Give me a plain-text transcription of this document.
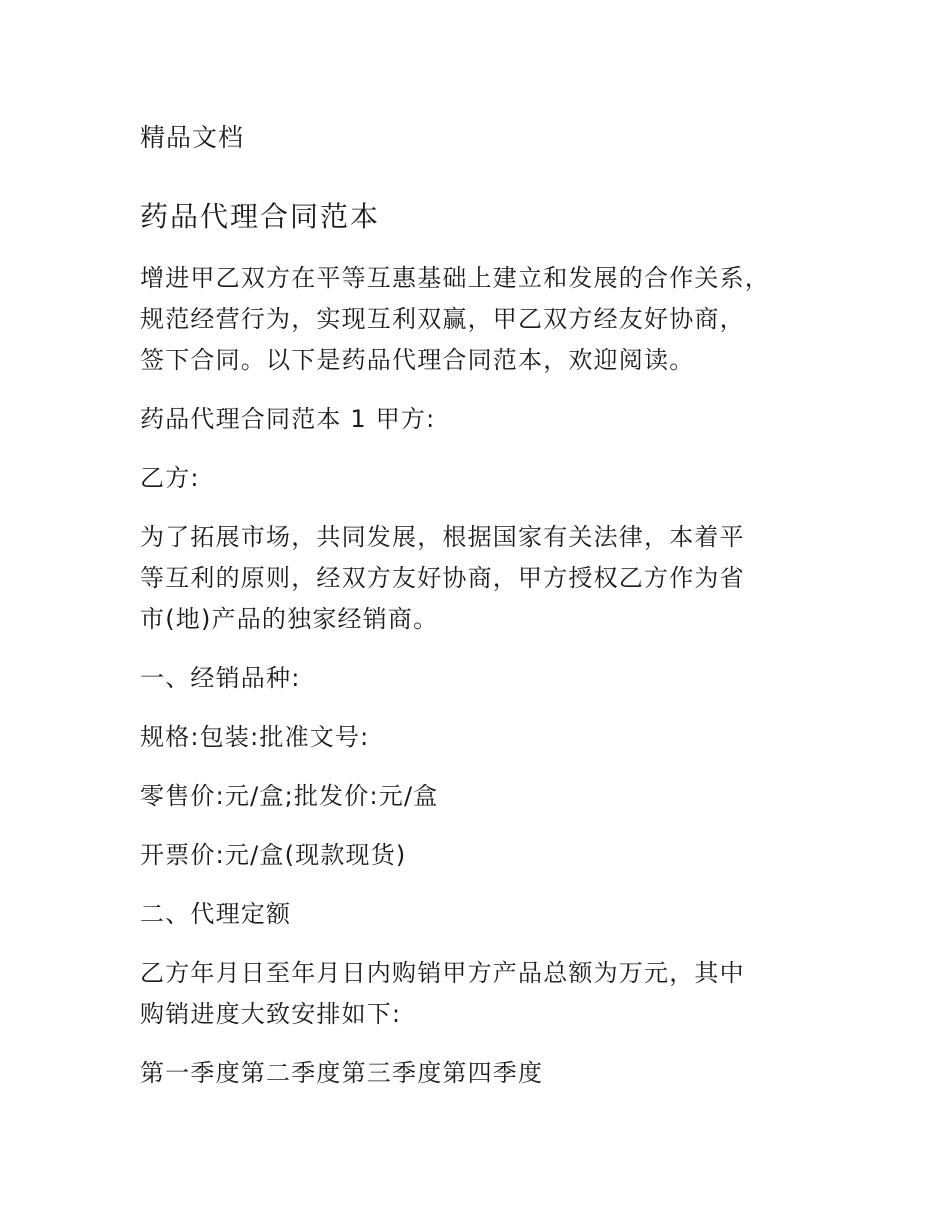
精品文档
药品代理合同范本

增进甲乙双方在平等互惠基础上建立和发展的合作关系，
规范经营行为，实现互利双赢，甲乙双方经友好协商，
签下合同。以下是药品代理合同范本，欢迎阅读。

药品代理合同范本 1 甲方:

乙方:

为了拓展市场，共同发展，根据国家有关法律，本着平
等互利的原则，经双方友好协商，甲方授权乙方作为省
市(地)产品的独家经销商。

一、经销品种:

规格:包装:批准文号:

零售价:元/盒;批发价:元/盒

开票价:元/盒(现款现货)

二、代理定额

乙方年月日至年月日内购销甲方产品总额为万元，其中
购销进度大致安排如下:

第一季度第二季度第三季度第四季度
